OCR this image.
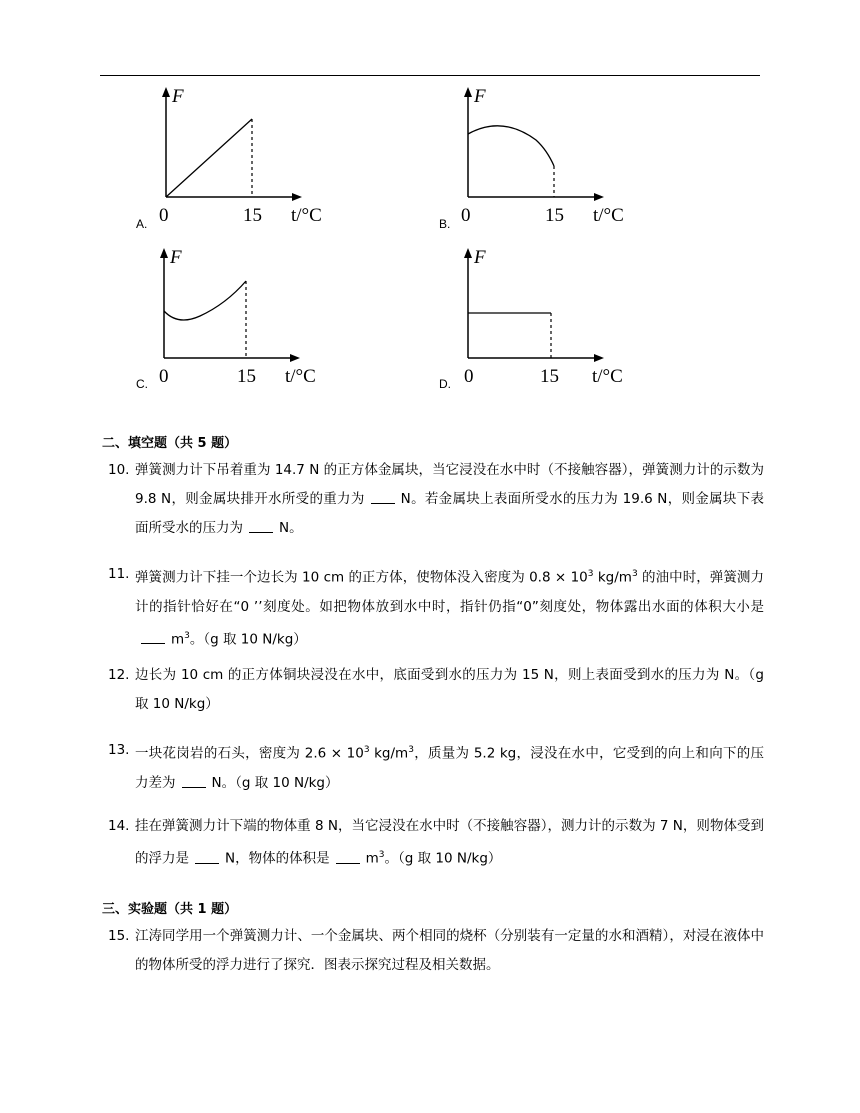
F
0	15 t/°C
A.
F
0	15 t/°C
B.
F
0	15 t/°C
C.
F
0	15 t/°C
D.
二、填空题（共 5 题）
10. 弹簧测力计下吊着重为 14.7 N 的正方体金属块，当它浸没在水中时（不接触容器），弹簧测力计的示数为 9.8 N，则金属块排开水所受的重力为	N。若金属块上表面所受水的压力为 19.6 N，则金属块下表面所受水的压力为	N。
11. 弹簧测力计下挂一个边长为 10 cm 的正方体，使物体没入密度为 $0.8 \times 10^3$ $kg/m^3$ 的油中时，弹簧测力计的指针恰好在“0 ’’刻度处。如把物体放到水中时，指针仍指“0”刻度处，物体露出水面的体积大小是$m^3$。（g 取 10 N/kg）
12. 边长为 10 cm 的正方体铜块浸没在水中，底面受到水的压力为 15 N，则上表面受到水的压力为 N。（g 取 10 N/kg）
13. 一块花岗岩的石头，密度为 $2.6 \times 10^3$ $kg/m^3$，质量为 5.2 kg，浸没在水中，它受到的向上和向下的压力差为	N。（g 取 10 N/kg）
14. 挂在弹簧测力计下端的物体重 8 N，当它浸没在水中时（不接触容器），测力计的示数为 7 N，则物体受到的浮力是	N，物体的体积是	$m^3$。（g 取 10 N/kg）
三、实验题（共 1 题）
15. 江涛同学用一个弹簧测力计、一个金属块、两个相同的烧杯（分别装有一定量的水和酒精），对浸在液体中的物体所受的浮力进行了探究．图表示探究过程及相关数据。
